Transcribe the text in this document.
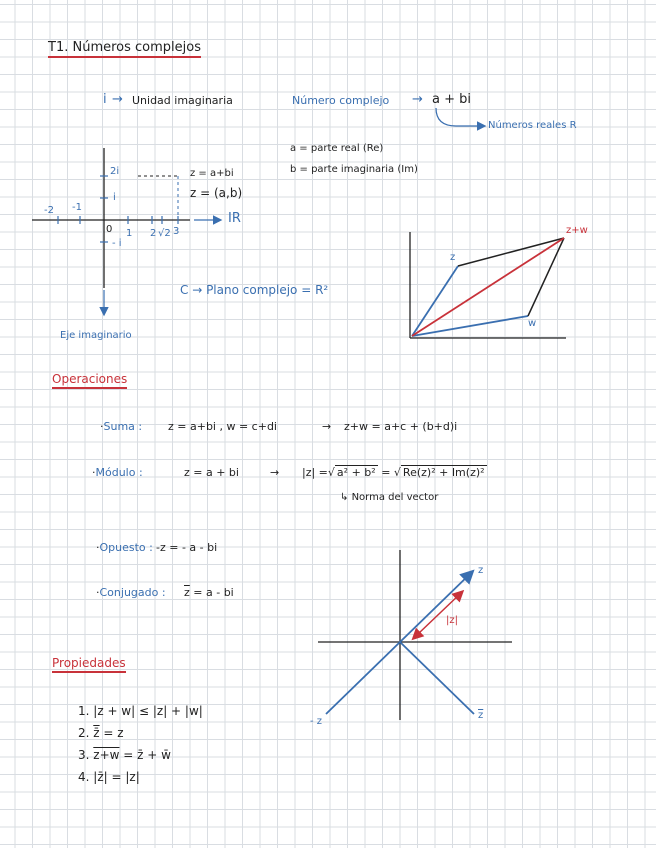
T1. Números complejos
i → Unidad imaginaria	Número complejo → a + bi
Números reales R
a = parte real (Re)
b = parte imaginaria (Im)
z = a+bi
z = (a,b)
IR
2i
i
- i
-2 -1
0 1 2 √2 3
C → Plano complejo = R²
Eje imaginario
z
w
z+w
Operaciones
·Suma : z = a+bi , w = c+di	→ z+w = a+c + (b+d)i
·Módulo :	z = a + bi	→ |z| =√ a² + b² = √ Re(z)² + Im(z)²
↳ Norma del vector
·Opuesto : -z = - a - bi
·Conjugado : $\overline{z} = a$ - bi
z
|z|
- z
$\overline{z}$
Propiedades
1. |z + w| ≤ |z| + |w|
2. z̄ = z
3. z+w = z̄ + w̄
4. |z̄| = |z|
